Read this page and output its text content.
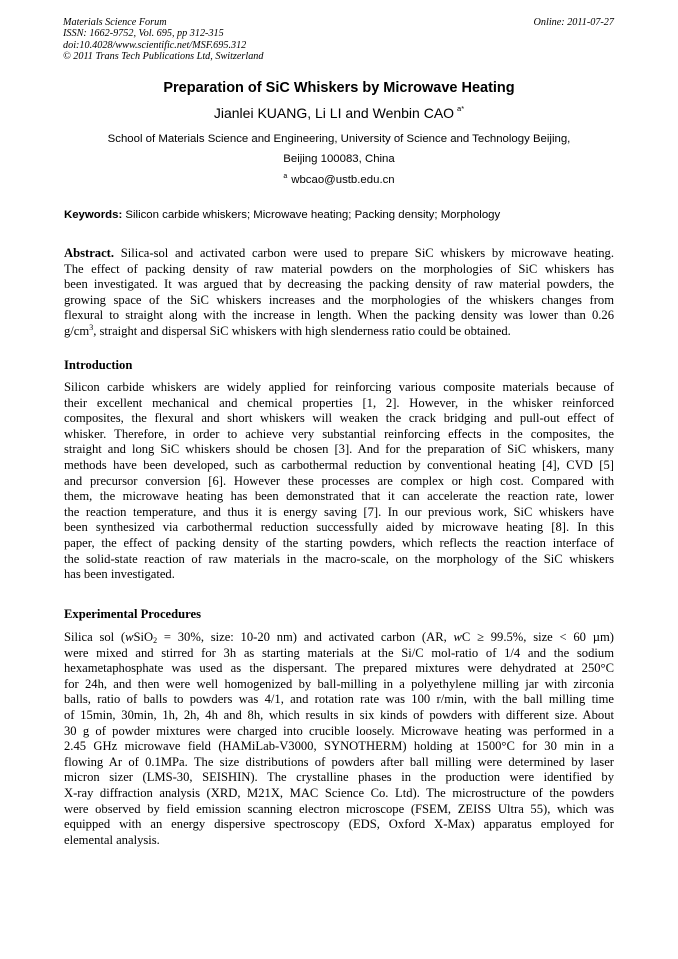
Materials Science Forum
ISSN: 1662-9752, Vol. 695, pp 312-315
doi:10.4028/www.scientific.net/MSF.695.312
© 2011 Trans Tech Publications Ltd, Switzerland
Online: 2011-07-27
Preparation of SiC Whiskers by Microwave Heating
Jianlei KUANG, Li LI and Wenbin CAO $^{a*}$
School of Materials Science and Engineering, University of Science and Technology Beijing,
Beijing 100083, China
$^a$ wbcao@ustb.edu.cn
Keywords: Silicon carbide whiskers; Microwave heating; Packing density; Morphology
Abstract. Silica-sol and activated carbon were used to prepare SiC whiskers by microwave heating.
The effect of packing density of raw material powders on the morphologies of SiC whiskers has
been investigated. It was argued that by decreasing the packing density of raw material powders, the
growing space of the SiC whiskers increases and the morphologies of the whiskers changes from
flexural to straight along with the increase in length. When the packing density was lower than 0.26
$g/cm^3$, straight and dispersal SiC whiskers with high slenderness ratio could be obtained.
Introduction
Silicon carbide whiskers are widely applied for reinforcing various composite materials because of
their excellent mechanical and chemical properties [1, 2]. However, in the whisker reinforced
composites, the flexural and short whiskers will weaken the crack bridging and pull-out effect of
whisker. Therefore, in order to achieve very substantial reinforcing effects in the composites, the
straight and long SiC whiskers should be chosen [3]. And for the preparation of SiC whiskers, many
methods have been developed, such as carbothermal reduction by conventional heating [4], CVD [5]
and precursor conversion [6]. However these processes are complex or high cost. Compared with
them, the microwave heating has been demonstrated that it can accelerate the reaction rate, lower
the reaction temperature, and thus it is energy saving [7]. In our previous work, SiC whiskers have
been synthesized via carbothermal reduction successfully aided by microwave heating [8]. In this
paper, the effect of packing density of the starting powders, which reflects the reaction interface of
the solid-state reaction of raw materials in the macro-scale, on the morphology of the SiC whiskers
has been investigated.
Experimental Procedures
Silica sol (wSiO$_2$ = 30%, size: 10-20 nm) and activated carbon (AR, wC ≥ 99.5%, size < 60 µm)
were mixed and stirred for 3h as starting materials at the Si/C mol-ratio of 1/4 and the sodium
hexametaphosphate was used as the dispersant. The prepared mixtures were dehydrated at 250°C
for 24h, and then were well homogenized by ball-milling in a polyethylene milling jar with zirconia
balls, ratio of balls to powders was 4/1, and rotation rate was 100 r/min, with the ball milling time
of 15min, 30min, 1h, 2h, 4h and 8h, which results in six kinds of powders with different size. About
30 g of powder mixtures were charged into crucible loosely. Microwave heating was performed in a
2.45 GHz microwave field (HAMiLab-V3000, SYNOTHERM) holding at 1500°C for 30 min in a
flowing Ar of 0.1MPa. The size distributions of powders after ball milling were determined by laser
micron sizer (LMS-30, SEISHIN). The crystalline phases in the production were identified by
X-ray diffraction analysis (XRD, M21X, MAC Science Co. Ltd). The microstructure of the powders
were observed by field emission scanning electron microscope (FSEM, ZEISS Ultra 55), which was
equipped with an energy dispersive spectroscopy (EDS, Oxford X-Max) apparatus employed for
elemental analysis.
